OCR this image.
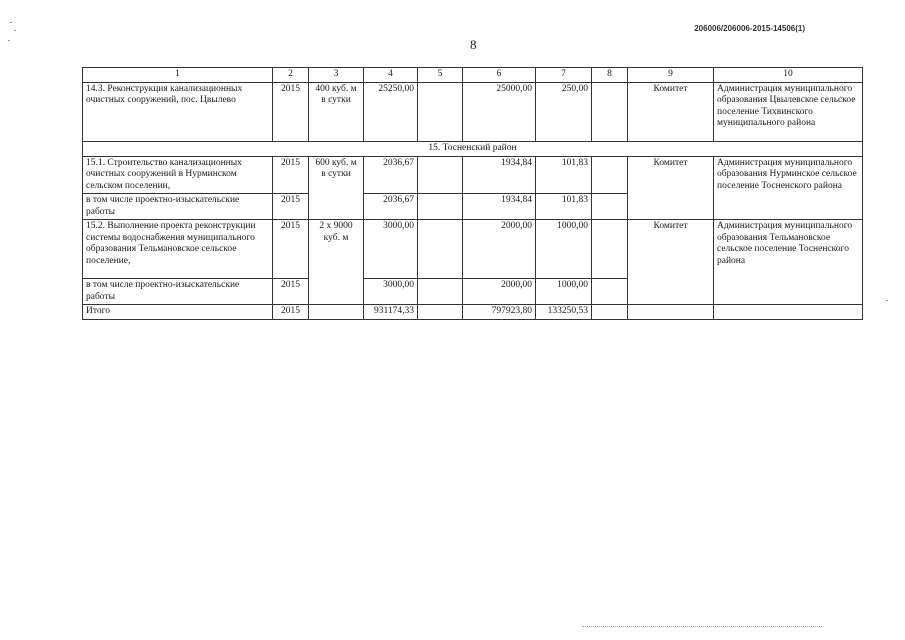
206006/206006-2015-14506(1)
8
1	2	3	4	5	6	7	8	9	10
14.3. Реконструкция канализационных очистных сооружений, пос. Цвылево	2015	400 куб. м в сутки	25250,00		25000,00	250,00		Комитет	Администрация муниципального образования Цвылевское сельское поселение Тихвинского муниципального района
15. Тосненский район									
15.1. Строительство канализационных очистных сооружений в Нурминском сельском поселении,	2015	600 куб. м в сутки	2036,67		1934,84	101,83		Комитет	Администрация муниципального образования Нурминское сельское поселение Тосненского района
в том числе проектно-изыскательские работы	2015		2036,67		1934,84	101,83			
15.2. Выполнение проекта реконструкции системы водоснабжения муниципального образования Тельмановское сельское поселение,	2015	2 х 9000 куб. м	3000,00		2000,00	1000,00		Комитет	Администрация муниципального образования Тельмановское сельское поселение Тосненского района
в том числе проектно-изыскательские работы	2015		3000,00		2000,00	1000,00			
Итого	2015		931174,33		797923,80	133250,53			
